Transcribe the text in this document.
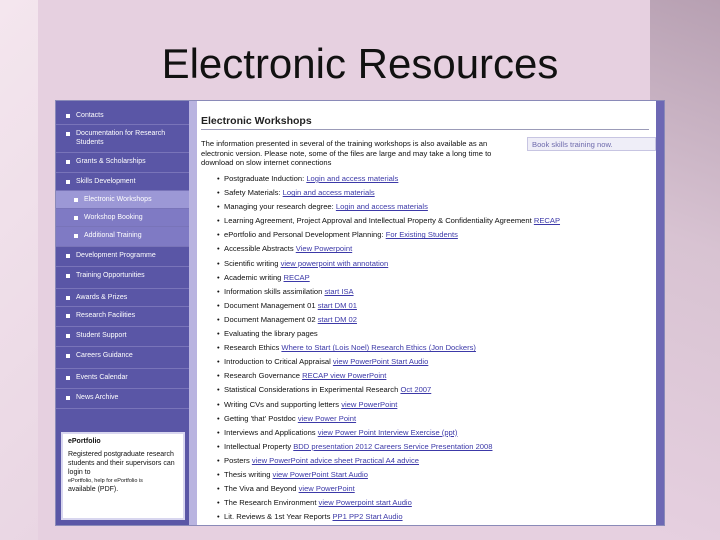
Electronic Resources
Contacts
Documentation for Research Students
Grants & Scholarships
Skills Development
Electronic Workshops
Workshop Booking
Additional Training
Development Programme
Training Opportunities
Awards & Prizes
Research Facilities
Student Support
Careers Guidance
Events Calendar
News Archive
ePortfolio
Registered postgraduate research students and their supervisors can login to
ePortfolio, help for ePortfolio is
available (PDF).
Electronic Workshops
Book skills training now.
The information presented in several of the training workshops is also available as an electronic version. Please note, some of the files are large and may take a long time to download on slow internet connections
• Postgraduate Induction: Login and access materials
• Safety Materials: Login and access materials
• Managing your research degree: Login and access materials
• Learning Agreement, Project Approval and Intellectual Property & Confidentiality Agreement RECAP
• ePortfolio and Personal Development Planning: For Existing Students
• Accessible Abstracts View Powerpoint
• Scientific writing view powerpoint with annotation
• Academic writing RECAP
• Information skills assimilation start ISA
• Document Management 01 start DM 01
• Document Management 02 start DM 02
• Evaluating the library pages
• Research Ethics Where to Start (Lois Noel) Research Ethics (Jon Dockers)
• Introduction to Critical Appraisal view PowerPoint Start Audio
• Research Governance RECAP view PowerPoint
• Statistical Considerations in Experimental Research Oct 2007
• Writing CVs and supporting letters view PowerPoint
• Getting 'that' Postdoc view Power Point
• Interviews and Applications view Power Point Interview Exercise (ppt)
• Intellectual Property BDD presentation 2012 Careers Service Presentation 2008
• Posters view PowerPoint advice sheet Practical A4 advice
• Thesis writing view PowerPoint Start Audio
• The Viva and Beyond view PowerPoint
• The Research Environment view Powerpoint start Audio
• Lit. Reviews & 1st Year Reports PP1 PP2 Start Audio
